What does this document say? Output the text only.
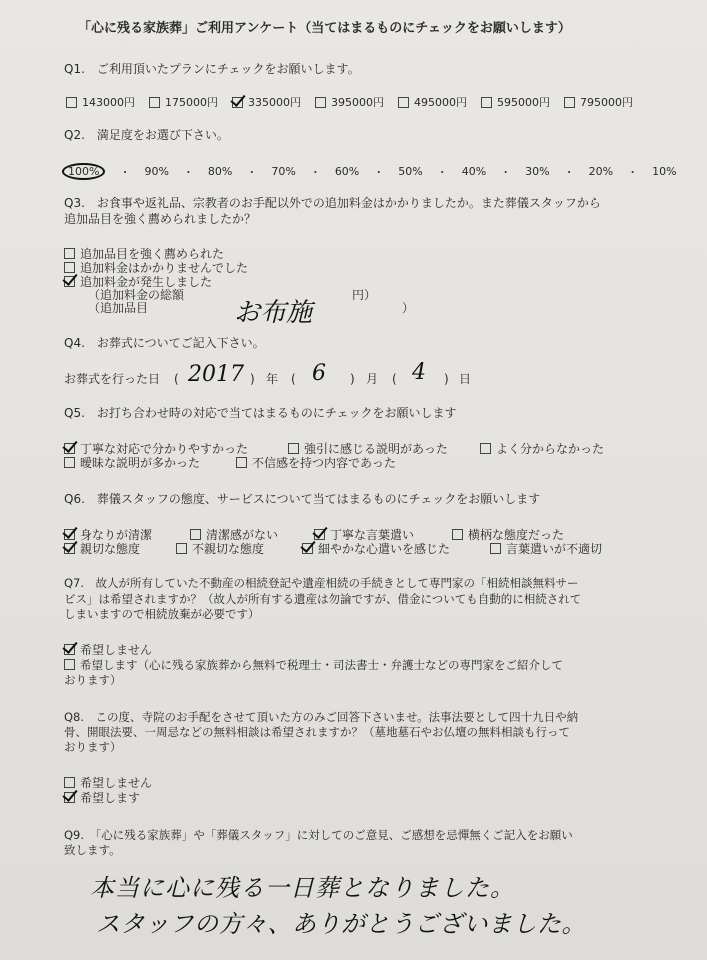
「心に残る家族葬」ご利用アンケート（当てはまるものにチェックをお願いします）
Q1.　ご利用頂いたプランにチェックをお願いします。
143000円	175000円	335000円	395000円	495000円	595000円	795000円
Q2.　満足度をお選び下さい。
100%	・ 90% ・ 80% ・ 70% ・ 60% ・ 50% ・ 40% ・ 30% ・ 20% ・ 10%
Q3.　お食事や返礼品、宗教者のお手配以外での追加料金はかかりましたか。また葬儀スタッフから
追加品目を強く薦められましたか？
追加品目を強く薦められた
追加料金はかかりませんでした
追加料金が発生しました
（追加料金の総額	円）
（追加品目	）
お布施
Q4.　お葬式についてご記入下さい。
お葬式を行った日 ( 2017 ) 年 ( 6 ) 月 ( 4 ) 日
Q5.　お打ち合わせ時の対応で当てはまるものにチェックをお願いします
丁寧な対応で分かりやすかった	強引に感じる説明があった	よく分からなかった
曖昧な説明が多かった	不信感を持つ内容であった
Q6.　葬儀スタッフの態度、サービスについて当てはまるものにチェックをお願いします
身なりが清潔	清潔感がない	丁寧な言葉遣い	横柄な態度だった
親切な態度	不親切な態度	細やかな心遣いを感じた	言葉遣いが不適切
Q7.　故人が所有していた不動産の相続登記や遺産相続の手続きとして専門家の「相続相談無料サー
ビス」は希望されますか？（故人が所有する遺産は勿論ですが、借金についても自動的に相続されて
しまいますので相続放棄が必要です）
希望しません
希望します（心に残る家族葬から無料で税理士・司法書士・弁護士などの専門家をご紹介して
おります）
Q8.　この度、寺院のお手配をさせて頂いた方のみご回答下さいませ。法事法要として四十九日や納
骨、開眼法要、一周忌などの無料相談は希望されますか？（墓地墓石やお仏壇の無料相談も行って
おります）
希望しません
希望します
Q9.　「心に残る家族葬」や「葬儀スタッフ」に対してのご意見、ご感想を忌憚無くご記入をお願い
致します。
本当に心に残る一日葬となりました。
スタッフの方々、ありがとうございました。
